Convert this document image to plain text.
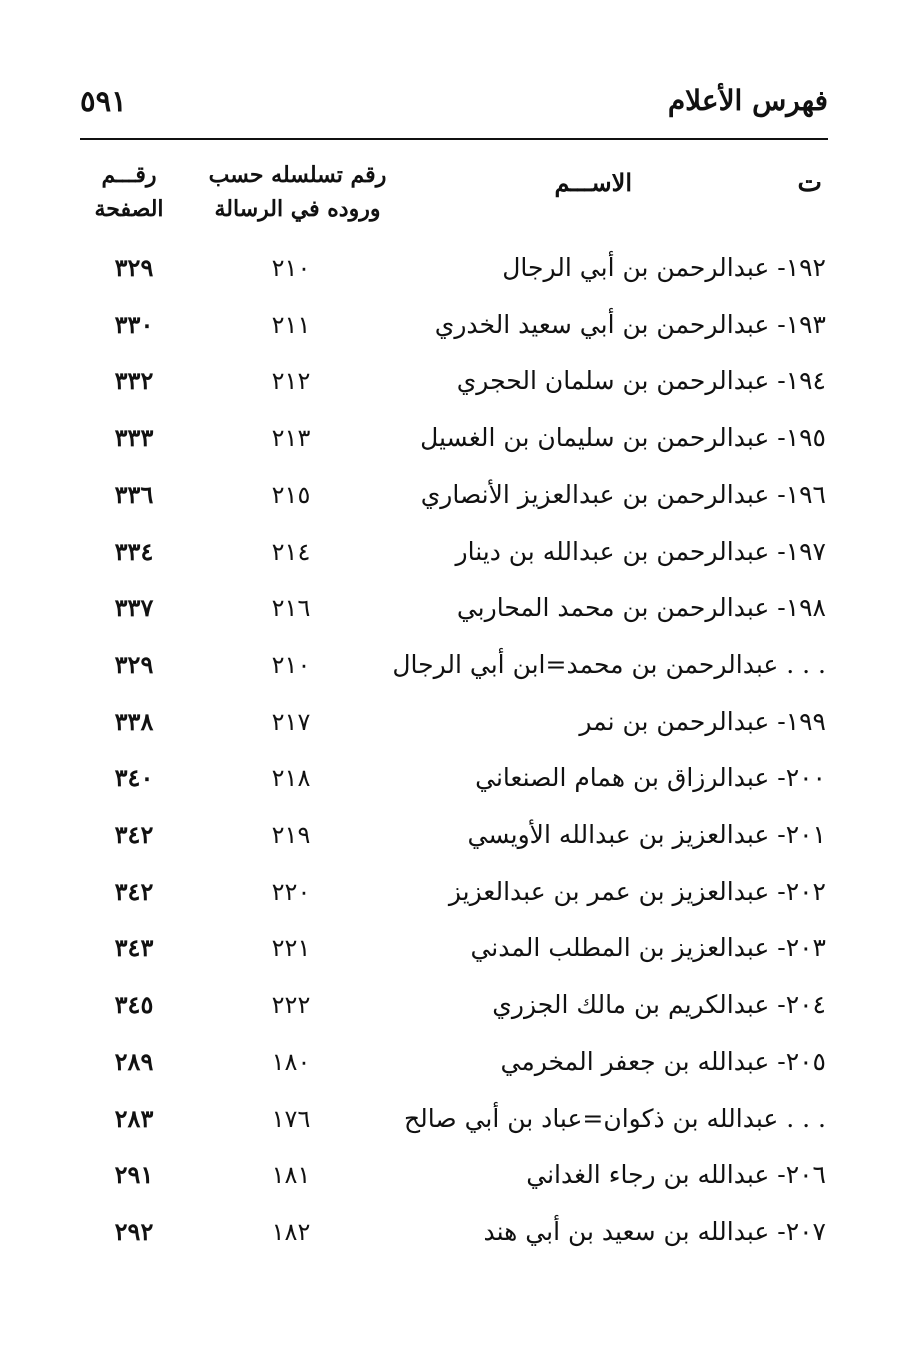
فهرس الأعلام
٥٩١
ت
الاســـم
رقم تسلسله حسب
وروده في الرسالة
رقـــم
الصفحة
١٩٢- عبدالرحمن بن أبي الرجال
٢١٠
٣٢٩
١٩٣- عبدالرحمن بن أبي سعيد الخدري
٢١١
٣٣٠
١٩٤- عبدالرحمن بن سلمان الحجري
٢١٢
٣٣٢
١٩٥- عبدالرحمن بن سليمان بن الغسيل
٢١٣
٣٣٣
١٩٦- عبدالرحمن بن عبدالعزيز الأنصاري
٢١٥
٣٣٦
١٩٧- عبدالرحمن بن عبدالله بن دينار
٢١٤
٣٣٤
١٩٨- عبدالرحمن بن محمد المحاربي
٢١٦
٣٣٧
. . . عبدالرحمن بن محمد=ابن أبي الرجال
٢١٠
٣٢٩
١٩٩- عبدالرحمن بن نمر
٢١٧
٣٣٨
٢٠٠- عبدالرزاق بن همام الصنعاني
٢١٨
٣٤٠
٢٠١- عبدالعزيز بن عبدالله الأويسي
٢١٩
٣٤٢
٢٠٢- عبدالعزيز بن عمر بن عبدالعزيز
٢٢٠
٣٤٢
٢٠٣- عبدالعزيز بن المطلب المدني
٢٢١
٣٤٣
٢٠٤- عبدالكريم بن مالك الجزري
٢٢٢
٣٤٥
٢٠٥- عبدالله بن جعفر المخرمي
١٨٠
٢٨٩
. . . عبدالله بن ذكوان=عباد بن أبي صالح
١٧٦
٢٨٣
٢٠٦- عبدالله بن رجاء الغداني
١٨١
٢٩١
٢٠٧- عبدالله بن سعيد بن أبي هند
١٨٢
٢٩٢
